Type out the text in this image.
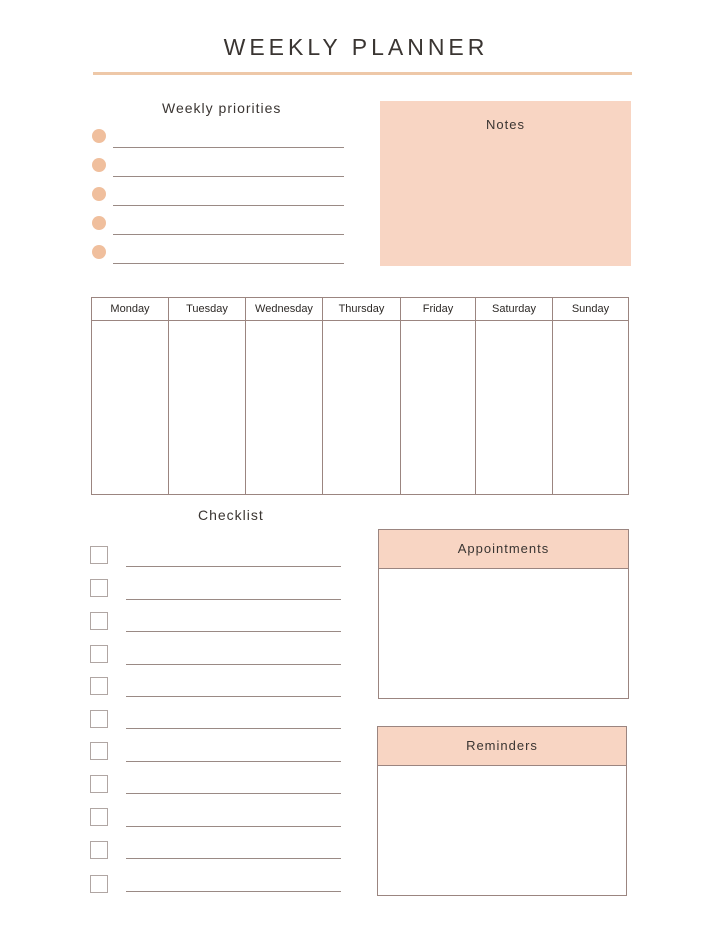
WEEKLY PLANNER
Weekly priorities
Notes
Monday	Tuesday	Wednesday	Thursday	Friday	Saturday	Sunday
Checklist
Appointments
Reminders
